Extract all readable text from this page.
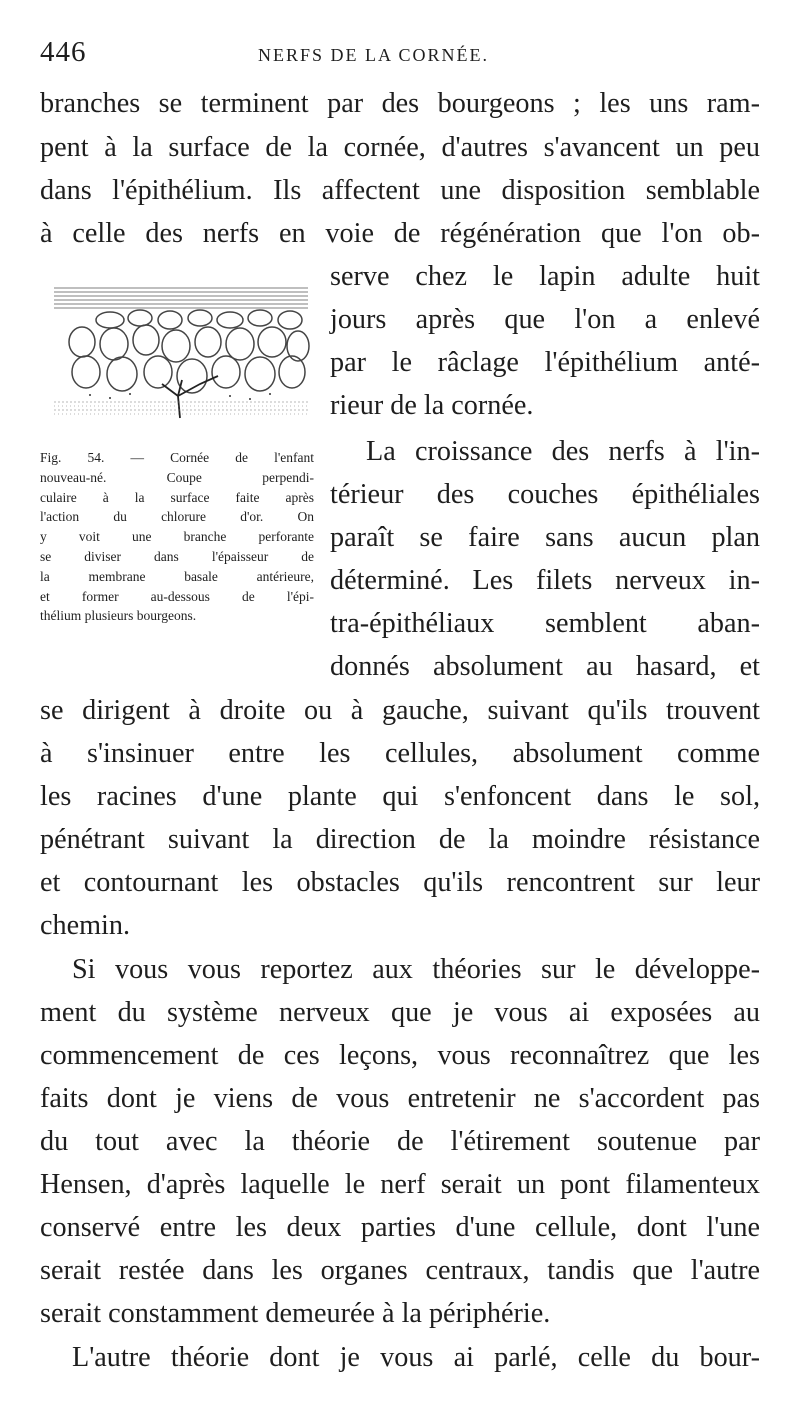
446	NERFS DE LA CORNÉE.
branches se terminent par des bourgeons ; les uns ram-
pent à la surface de la cornée, d'autres s'avancent un peu
dans l'épithélium. Ils affectent une disposition semblable
à celle des nerfs en voie de régénération que l'on ob-
serve chez le lapin adulte huit
jours après que l'on a enlevé
par le râclage l'épithélium anté-
rieur de la cornée.
La croissance des nerfs à l'in-
térieur des couches épithéliales
paraît se faire sans aucun plan
déterminé. Les filets nerveux in-
tra-épithéliaux semblent aban-
donnés absolument au hasard, et
se dirigent à droite ou à gauche, suivant qu'ils trouvent
à s'insinuer entre les cellules, absolument comme
les racines d'une plante qui s'enfoncent dans le sol,
pénétrant suivant la direction de la moindre résistance
et contournant les obstacles qu'ils rencontrent sur leur
chemin.
Si vous vous reportez aux théories sur le développe-
ment du système nerveux que je vous ai exposées au
commencement de ces leçons, vous reconnaîtrez que les
faits dont je viens de vous entretenir ne s'accordent pas
du tout avec la théorie de l'étirement soutenue par
Hensen, d'après laquelle le nerf serait un pont filamenteux
conservé entre les deux parties d'une cellule, dont l'une
serait restée dans les organes centraux, tandis que l'autre
serait constamment demeurée à la périphérie.
L'autre théorie dont je vous ai parlé, celle du bour-
Fig. 54. — Cornée de l'enfant
nouveau-né. Coupe perpendi-
culaire à la surface faite après
l'action du chlorure d'or. On
y voit une branche perforante
se diviser dans l'épaisseur de
la membrane basale antérieure,
et former au-dessous de l'épi-
thélium plusieurs bourgeons.
